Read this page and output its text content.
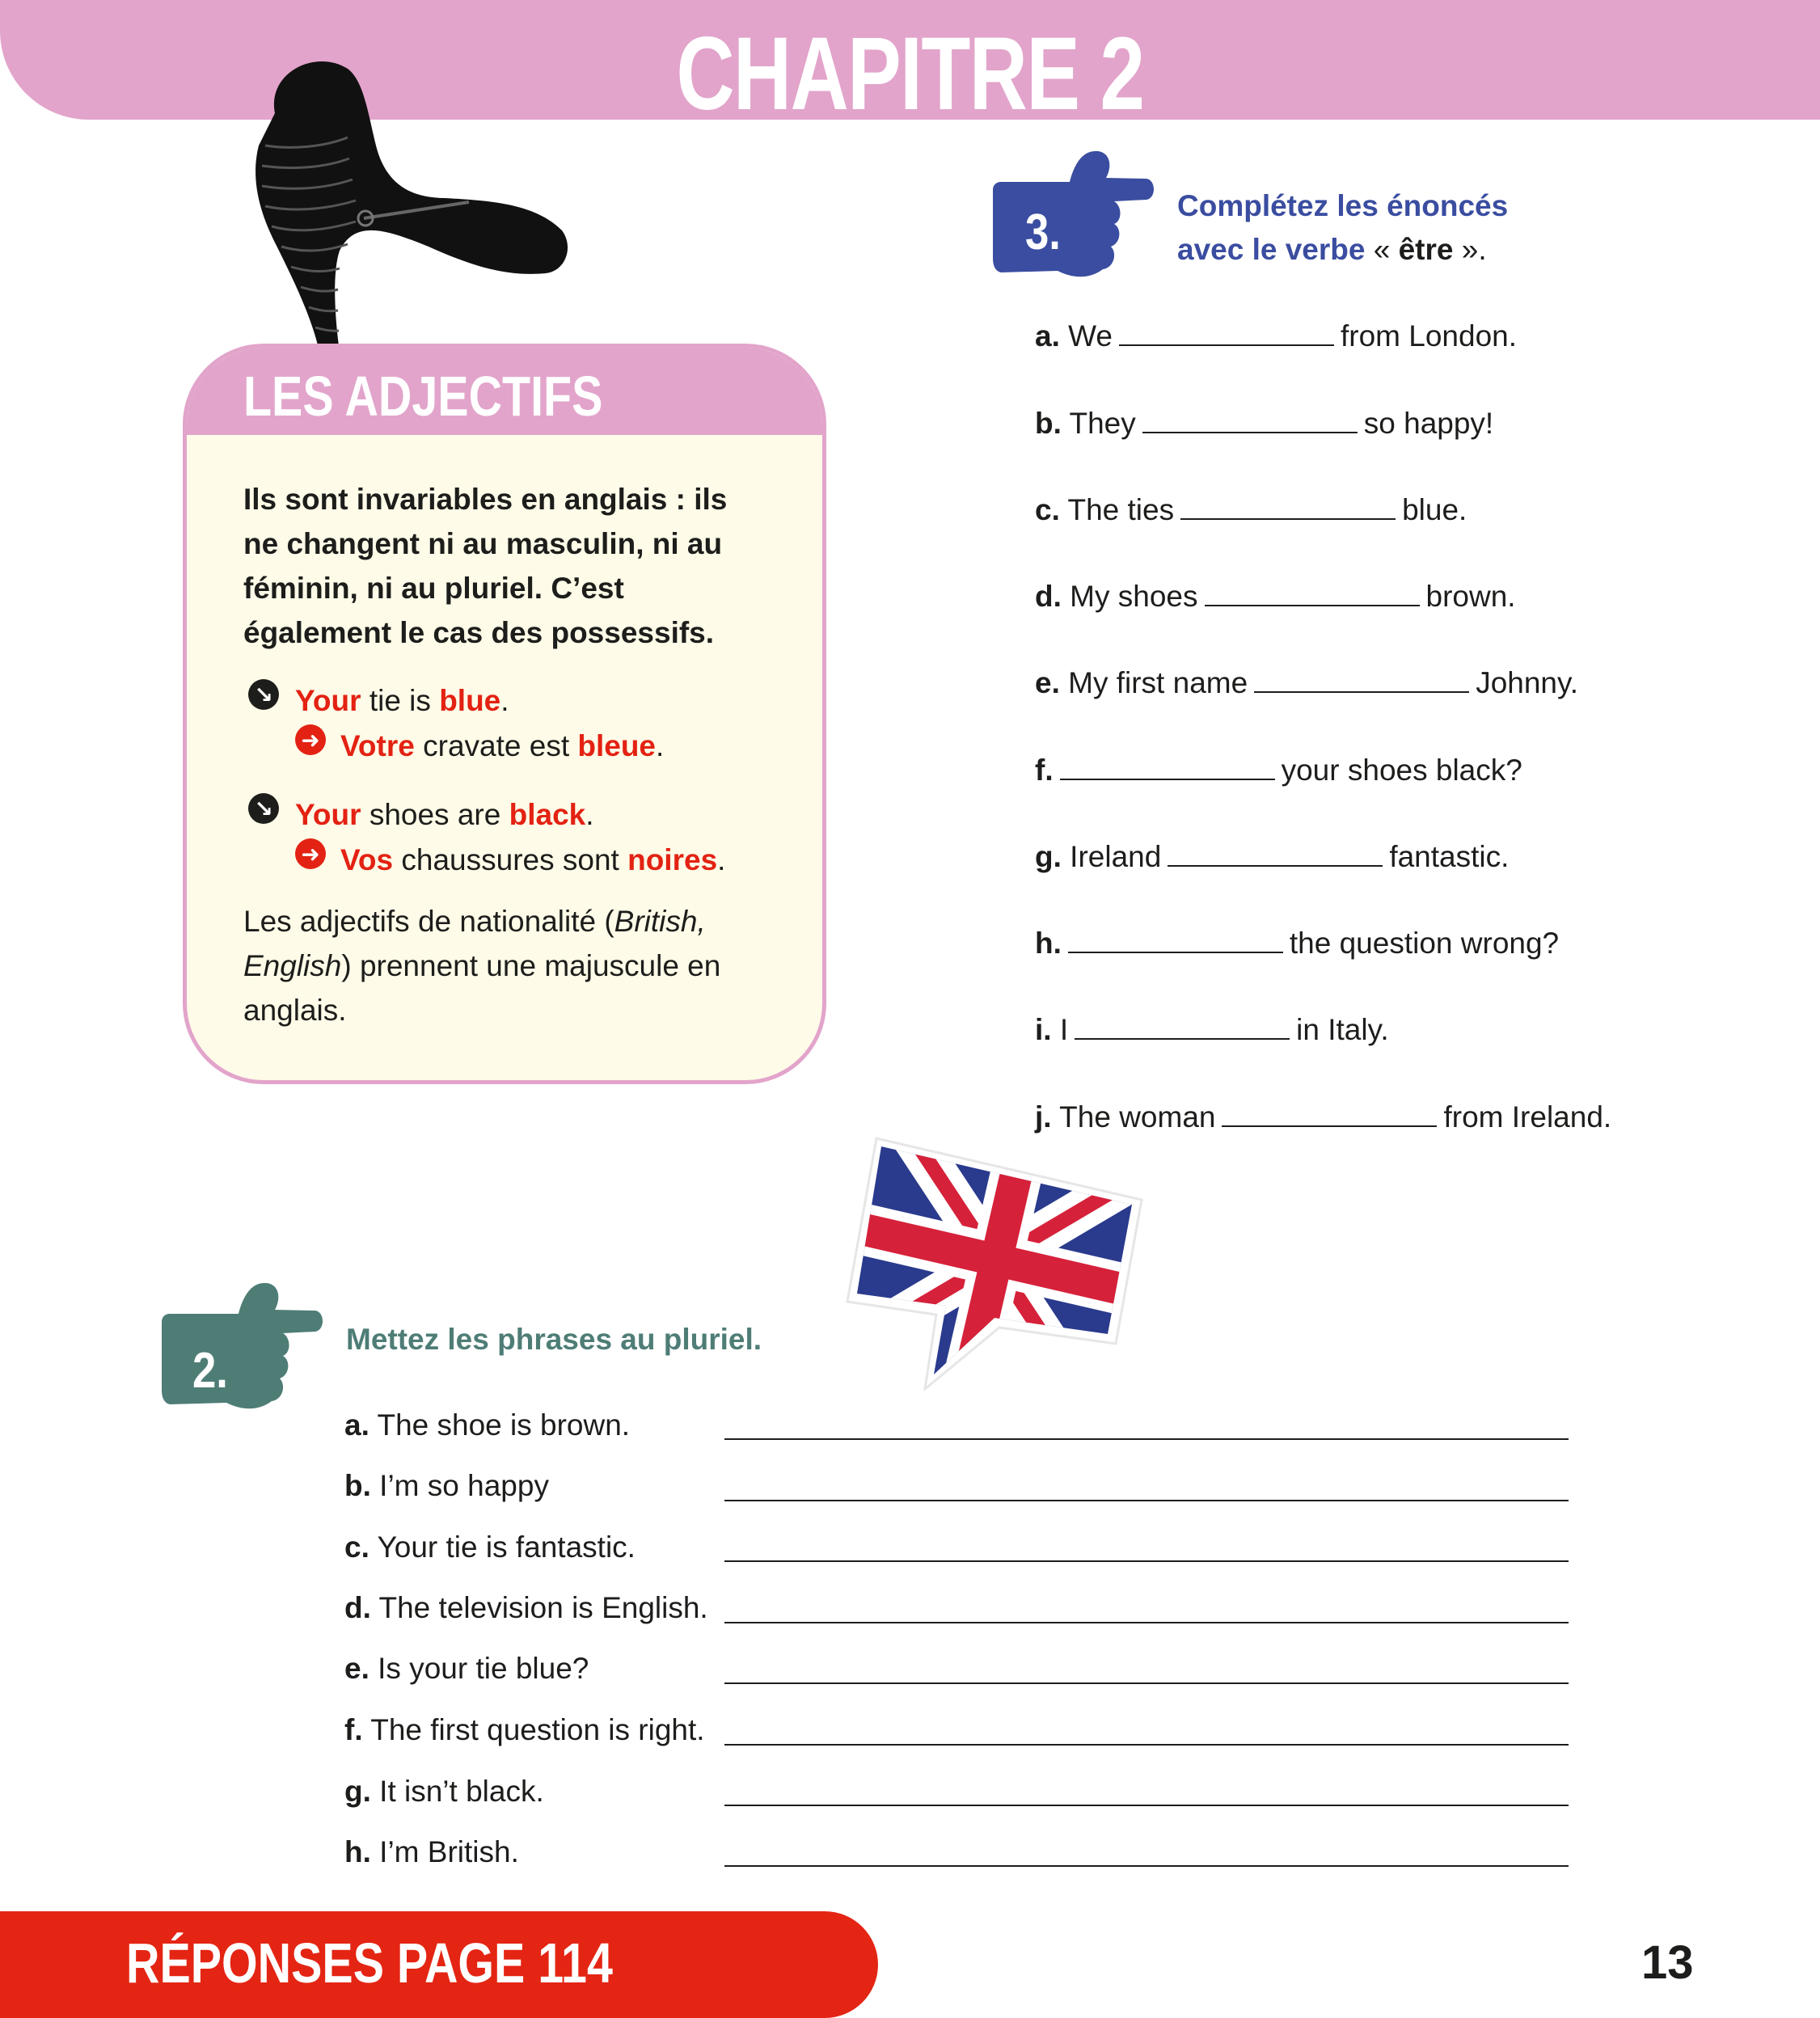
CHAPITRE 2
LES ADJECTIFS
Ils sont invariables en anglais : ils ne changent ni au masculin, ni au féminin, ni au pluriel. C’est également le cas des possessifs.
↘ Your tie is blue.
➜ Votre cravate est bleue.
↘ Your shoes are black.
➜ Vos chaussures sont noires.
Les adjectifs de nationalité (British, English) prennent une majuscule en anglais.
3.	Complétez les énoncés avec le verbe « être ».
a. We	from London.
b. They	so happy!
c. The ties	blue.
d. My shoes	brown.
e. My first name	Johnny.
f.	your shoes black?
g. Ireland	fantastic.
h.	the question wrong?
i. I	in Italy.
j. The woman	from Ireland.
2.
Mettez les phrases au pluriel.
a. The shoe is brown.
b. I’m so happy
c. Your tie is fantastic.
d. The television is English.
e. Is your tie blue?
f. The first question is right.
g. It isn’t black.
h. I’m British.
RÉPONSES PAGE 114	13
